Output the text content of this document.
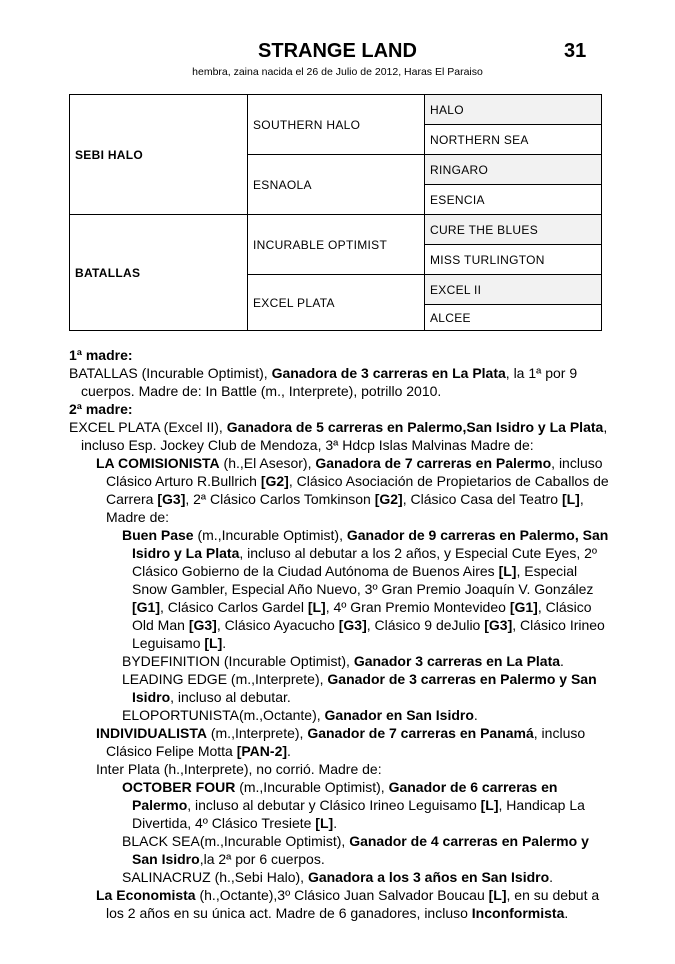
STRANGE LAND	31
hembra, zaina nacida el 26 de Julio de 2012, Haras El Paraiso
SEBI HALO	SOUTHERN HALO	HALO
		NORTHERN SEA
	ESNAOLA	RINGARO
		ESENCIA
BATALLAS	INCURABLE OPTIMIST	CURE THE BLUES
		MISS TURLINGTON
	EXCEL PLATA	EXCEL II
		ALCEE

1ª madre:

BATALLAS (Incurable Optimist), Ganadora de 3 carreras en La Plata, la 1ª por 9 cuerpos. Madre de: In Battle (m., Interprete), potrillo 2010.

2ª madre:

EXCEL PLATA (Excel II), Ganadora de 5 carreras en Palermo,San Isidro y La Plata, incluso Esp. Jockey Club de Mendoza, 3ª Hdcp Islas Malvinas Madre de:

LA COMISIONISTA (h.,El Asesor), Ganadora de 7 carreras en Palermo, incluso Clásico Arturo R.Bullrich [G2], Clásico Asociación de Propietarios de Caballos de Carrera [G3], 2ª Clásico Carlos Tomkinson [G2], Clásico Casa del Teatro [L], Madre de:

Buen Pase (m.,Incurable Optimist), Ganador de 9 carreras en Palermo, San Isidro y La Plata, incluso al debutar a los 2 años, y Especial Cute Eyes, 2º Clásico Gobierno de la Ciudad Autónoma de Buenos Aires [L], Especial Snow Gambler, Especial Año Nuevo, 3º Gran Premio Joaquín V. González [G1], Clásico Carlos Gardel [L], 4º Gran Premio Montevideo [G1], Clásico Old Man [G3], Clásico Ayacucho [G3], Clásico 9 deJulio [G3], Clásico Irineo Leguisamo [L].

BYDEFINITION (Incurable Optimist), Ganador 3 carreras en La Plata.

LEADING EDGE (m.,Interprete), Ganador de 3 carreras en Palermo y San Isidro, incluso al debutar.

ELOPORTUNISTA(m.,Octante), Ganador en San Isidro.

INDIVIDUALISTA (m.,Interprete), Ganador de 7 carreras en Panamá, incluso Clásico Felipe Motta [PAN-2].

Inter Plata (h.,Interprete), no corrió. Madre de:

OCTOBER FOUR (m.,Incurable Optimist), Ganador de 6 carreras en Palermo, incluso al debutar y Clásico Irineo Leguisamo [L], Handicap La Divertida, 4º Clásico Tresiete [L].

BLACK SEA(m.,Incurable Optimist), Ganador de 4 carreras en Palermo y San Isidro,la 2ª por 6 cuerpos.

SALINACRUZ (h.,Sebi Halo), Ganadora a los 3 años en San Isidro.

La Economista (h.,Octante),3º Clásico Juan Salvador Boucau [L], en su debut a los 2 años en su única act. Madre de 6 ganadores, incluso Inconformista.
